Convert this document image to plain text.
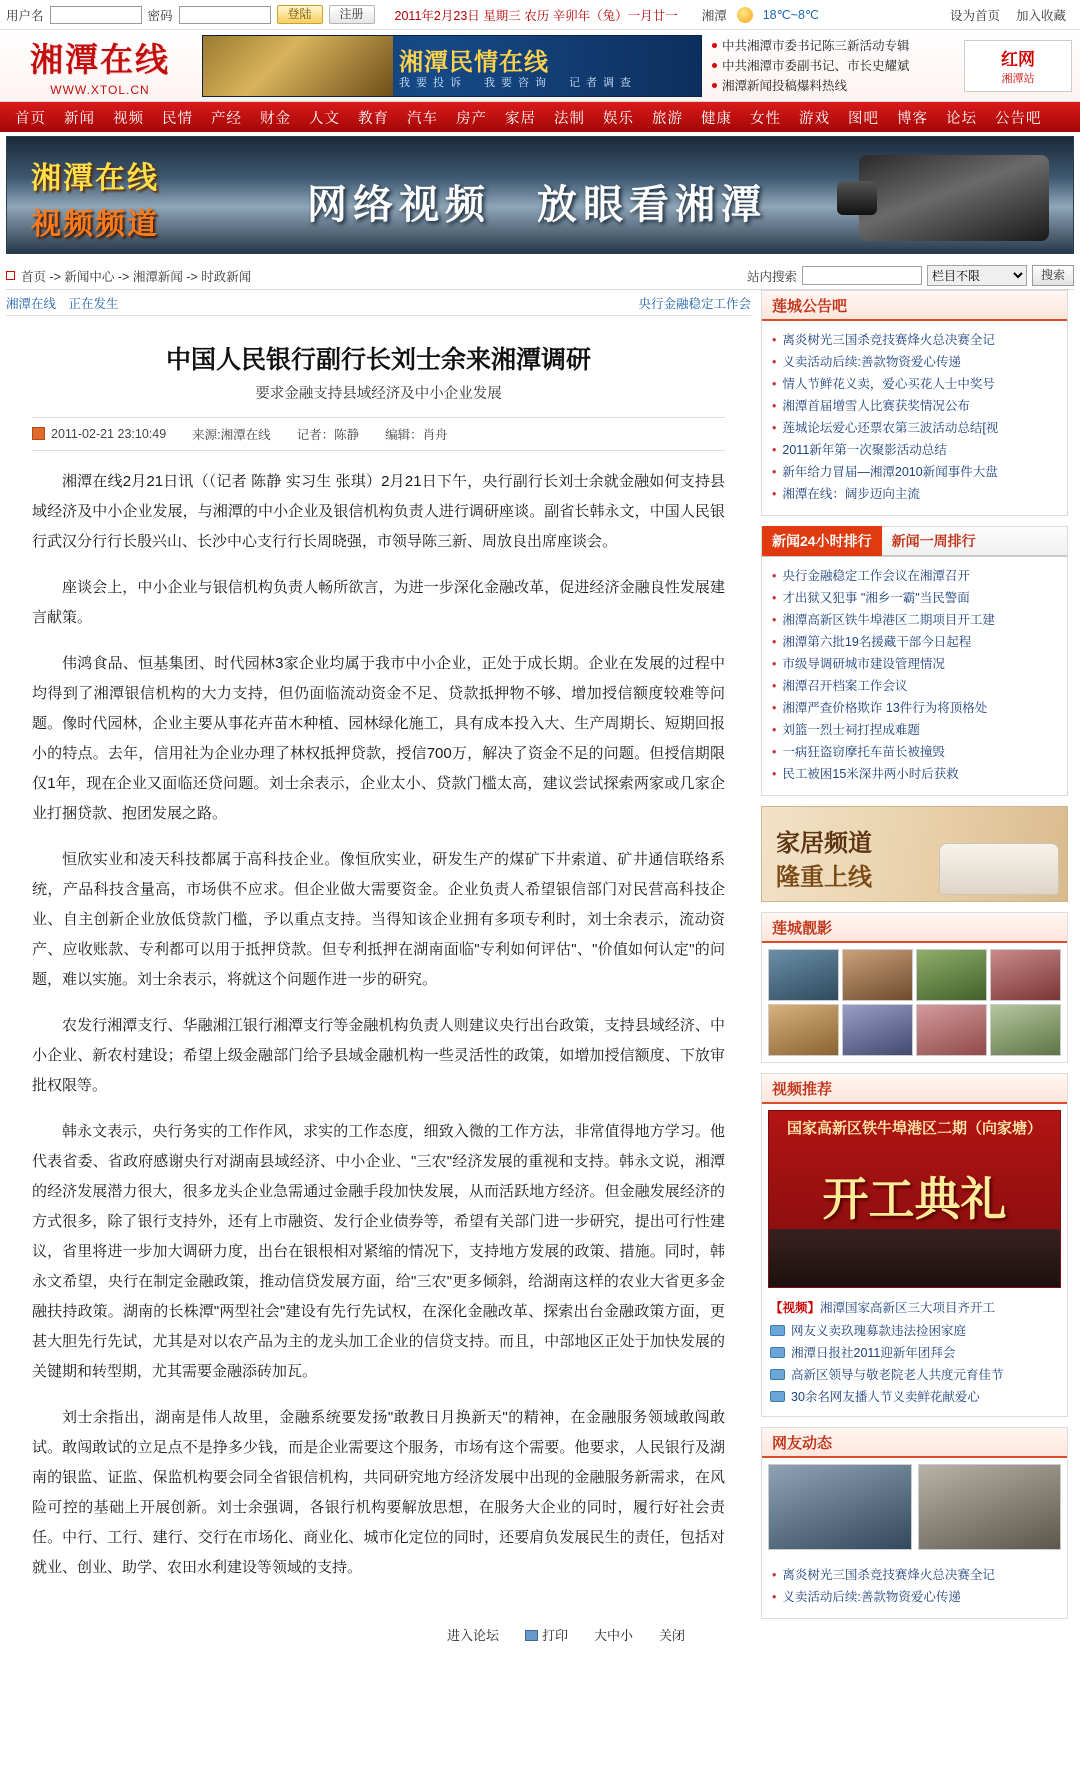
用户名	密码	登陆	注册	2011年2月23日 星期三 农历 辛卯年（兔）一月廿一 湘潭	18℃~8℃	设为首页 加入收藏
湘潭在线
WWW.XTOL.CN
湘潭民情在线
我要投诉　我要咨询　记者调查
中共湘潭市委书记陈三新活动专辑
中共湘潭市委副书记、市长史耀斌
湘潭新闻投稿爆料热线
红网
湘潭站
首页	新闻	视频	民情	产经	财金	人文	教育	汽车	房产	家居	法制	娱乐	旅游	健康	女性	游戏	图吧	博客	论坛	公告吧
湘潭在线
视频频道	网络视频　放眼看湘潭
首页 -> 新闻中心 -> 湘潭新闻 -> 时政新闻	站内搜索
栏目不限	搜索
湘潭在线　正在发生	央行金融稳定工作会
中国人民银行副行长刘士余来湘潭调研
要求金融支持县域经济及中小企业发展
2011-02-21 23:10:49 来源:湘潭在线 记者：陈静 编辑：肖舟

湘潭在线2月21日讯（（记者 陈静 实习生 张琪）2月21日下午，央行副行长刘士余就金融如何支持县域经济及中小企业发展，与湘潭的中小企业及银信机构负责人进行调研座谈。副省长韩永文，中国人民银行武汉分行行长殷兴山、长沙中心支行行长周晓强，市领导陈三新、周放良出席座谈会。

座谈会上，中小企业与银信机构负责人畅所欲言，为进一步深化金融改革，促进经济金融良性发展建言献策。

伟鸿食品、恒基集团、时代园林3家企业均属于我市中小企业，正处于成长期。企业在发展的过程中均得到了湘潭银信机构的大力支持，但仍面临流动资金不足、贷款抵押物不够、增加授信额度较难等问题。像时代园林，企业主要从事花卉苗木种植、园林绿化施工，具有成本投入大、生产周期长、短期回报小的特点。去年，信用社为企业办理了林权抵押贷款，授信700万，解决了资金不足的问题。但授信期限仅1年，现在企业又面临还贷问题。刘士余表示，企业太小、贷款门槛太高，建议尝试探索两家或几家企业打捆贷款、抱团发展之路。

恒欣实业和凌天科技都属于高科技企业。像恒欣实业，研发生产的煤矿下井索道、矿井通信联络系统，产品科技含量高，市场供不应求。但企业做大需要资金。企业负责人希望银信部门对民营高科技企业、自主创新企业放低贷款门槛，予以重点支持。当得知该企业拥有多项专利时，刘士余表示，流动资产、应收账款、专利都可以用于抵押贷款。但专利抵押在湖南面临"专利如何评估"、"价值如何认定"的问题，难以实施。刘士余表示，将就这个问题作进一步的研究。

农发行湘潭支行、华融湘江银行湘潭支行等金融机构负责人则建议央行出台政策，支持县域经济、中小企业、新农村建设；希望上级金融部门给予县域金融机构一些灵活性的政策，如增加授信额度、下放审批权限等。

韩永文表示，央行务实的工作作风，求实的工作态度，细致入微的工作方法，非常值得地方学习。他代表省委、省政府感谢央行对湖南县域经济、中小企业、"三农"经济发展的重视和支持。韩永文说，湘潭的经济发展潜力很大，很多龙头企业急需通过金融手段加快发展，从而活跃地方经济。但金融发展经济的方式很多，除了银行支持外，还有上市融资、发行企业债券等，希望有关部门进一步研究，提出可行性建议，省里将进一步加大调研力度，出台在银根相对紧缩的情况下，支持地方发展的政策、措施。同时，韩永文希望，央行在制定金融政策，推动信贷发展方面，给"三农"更多倾斜，给湖南这样的农业大省更多金融扶持政策。湖南的长株潭"两型社会"建设有先行先试权，在深化金融改革、探索出台金融政策方面，更甚大胆先行先试，尤其是对以农产品为主的龙头加工企业的信贷支持。而且，中部地区正处于加快发展的关键期和转型期，尤其需要金融添砖加瓦。

刘士余指出，湖南是伟人故里，金融系统要发扬"敢教日月换新天"的精神，在金融服务领域敢闯敢试。敢闯敢试的立足点不是挣多少钱，而是企业需要这个服务，市场有这个需要。他要求，人民银行及湖南的银监、证监、保监机构要会同全省银信机构，共同研究地方经济发展中出现的金融服务新需求，在风险可控的基础上开展创新。刘士余强调，各银行机构要解放思想，在服务大企业的同时，履行好社会责任。中行、工行、建行、交行在市场化、商业化、城市化定位的同时，还要肩负发展民生的责任，包括对就业、创业、助学、农田水利建设等领域的支持。

进入论坛	打印 大中小 关闭
莲城公告吧
• 离炎树光三国杀竞技赛烽火总决赛全记
• 义卖活动后续:善款物资爱心传递
• 情人节鲜花义卖，爱心买花人士中奖号
• 湘潭首届增雪人比赛获奖情况公布
• 莲城论坛爱心还票农第三波活动总结[视
• 2011新年第一次聚影活动总结
• 新年给力冒届—湘潭2010新闻事件大盘
• 湘潭在线：阔步迈向主流
新闻24小时排行	新闻一周排行
• 央行金融稳定工作会议在湘潭召开
• 才出狱又犯事 "湘乡一霸"当民警面
• 湘潭高新区铁牛埠港区二期项目开工建
• 湘潭第六批19名援藏干部今日起程
• 市级导调研城市建设管理情况
• 湘潭召开档案工作会议
• 湘潭严查价格欺诈 13件行为将顶格处
• 刘篮一烈士祠打捏成难题
• 一病狂盗窃摩托车苗长被撞毁
• 民工被困15米深井两小时后获救
家居频道
隆重上线
莲城靓影
视频推荐
国家高新区铁牛埠港区二期（向家塘）
开工典礼
【视频】湘潭国家高新区三大项目齐开工
网友义卖玖瑰募款违法捡困家庭
湘潭日报社2011迎新年团拜会
高新区领导与敬老院老人共度元育佳节
30余名网友播人节义卖鲜花献爱心
网友动态
• 离炎树光三国杀竞技赛烽火总决赛全记
• 义卖活动后续:善款物资爱心传递
